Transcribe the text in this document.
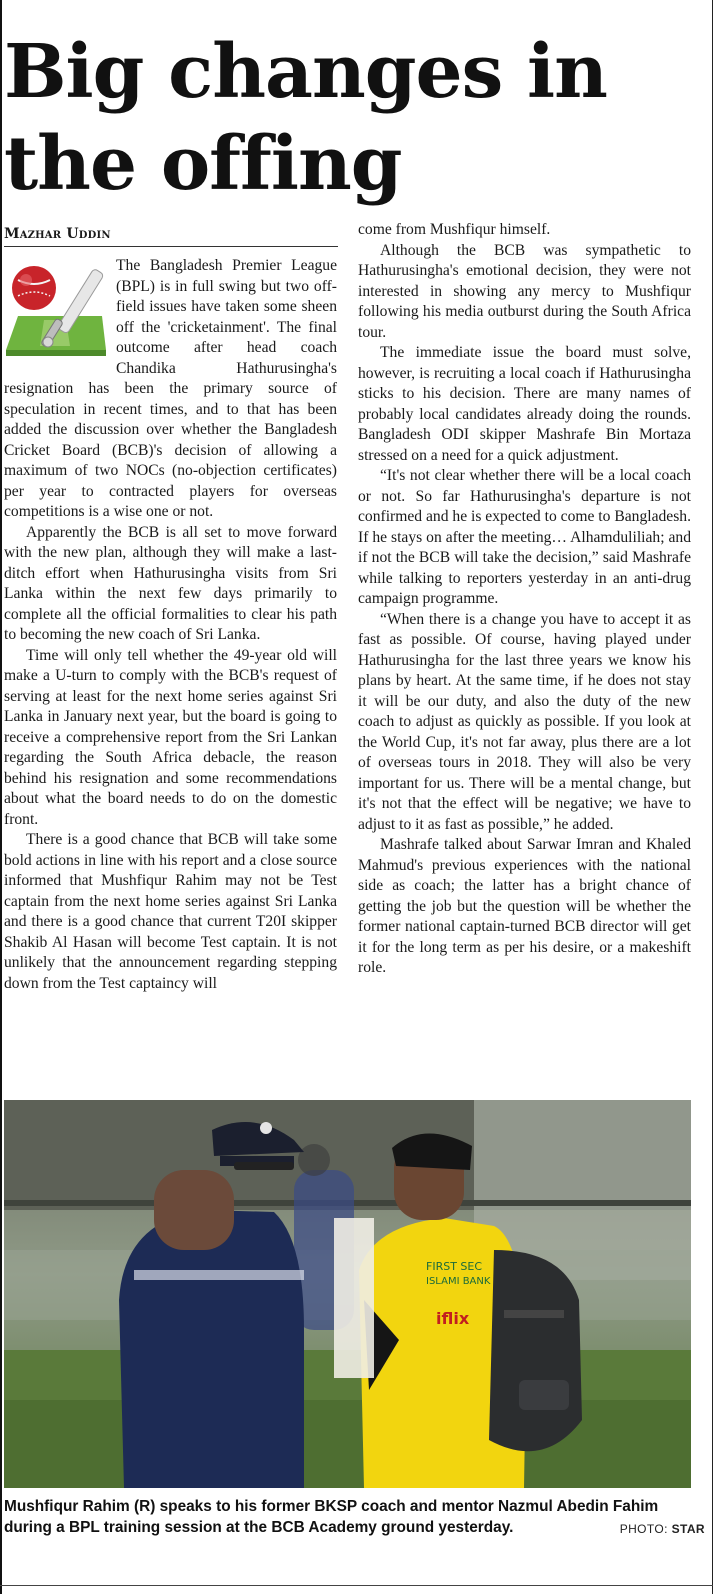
Big changes in
the offing
Mazhar Uddin

The Bangladesh Premier League (BPL) is in full swing but two off-field issues have taken some sheen off the 'cricketainment'. The final outcome after head coach Chandika Hathurusingha's resignation has been the primary source of speculation in recent times, and to that has been added the discussion over whether the Bangladesh Cricket Board (BCB)'s decision of allowing a maximum of two NOCs (no-objection certificates) per year to contracted players for overseas competitions is a wise one or not.

Apparently the BCB is all set to move forward with the new plan, although they will make a last-ditch effort when Hathurusingha visits from Sri Lanka within the next few days primarily to complete all the official formalities to clear his path to becoming the new coach of Sri Lanka.

Time will only tell whether the 49-year old will make a U-turn to comply with the BCB's request of serving at least for the next home series against Sri Lanka in January next year, but the board is going to receive a comprehensive report from the Sri Lankan regarding the South Africa debacle, the reason behind his resignation and some recommendations about what the board needs to do on the domestic front.

There is a good chance that BCB will take some bold actions in line with his report and a close source informed that Mushfiqur Rahim may not be Test captain from the next home series against Sri Lanka and there is a good chance that current T20I skipper Shakib Al Hasan will become Test captain. It is not unlikely that the announcement regarding stepping down from the Test captaincy will

come from Mushfiqur himself.

Although the BCB was sympathetic to Hathurusingha's emotional decision, they were not interested in showing any mercy to Mushfiqur following his media outburst during the South Africa tour.

The immediate issue the board must solve, however, is recruiting a local coach if Hathurusingha sticks to his decision. There are many names of probably local candidates already doing the rounds. Bangladesh ODI skipper Mashrafe Bin Mortaza stressed on a need for a quick adjustment.

“It's not clear whether there will be a local coach or not. So far Hathurusingha's departure is not confirmed and he is expected to come to Bangladesh. If he stays on after the meeting… Alhamduliliah; and if not the BCB will take the decision,” said Mashrafe while talking to reporters yesterday in an anti-drug campaign programme.

“When there is a change you have to accept it as fast as possible. Of course, having played under Hathurusingha for the last three years we know his plans by heart. At the same time, if he does not stay it will be our duty, and also the duty of the new coach to adjust as quickly as possible. If you look at the World Cup, it's not far away, plus there are a lot of overseas tours in 2018. They will also be very important for us. There will be a mental change, but it's not that the effect will be negative; we have to adjust to it as fast as possible,” he added.

Mashrafe talked about Sarwar Imran and Khaled Mahmud's previous experiences with the national side as coach; the latter has a bright chance of getting the job but the question will be whether the former national captain-turned BCB director will get it for the long term as per his desire, or a makeshift role.

FIRST SEC
ISLAMI BANK
iflix
Mushfiqur Rahim (R) speaks to his former BKSP coach and mentor Nazmul Abedin Fahim
during a BPL training session at the BCB Academy ground yesterday.	PHOTO: STAR
